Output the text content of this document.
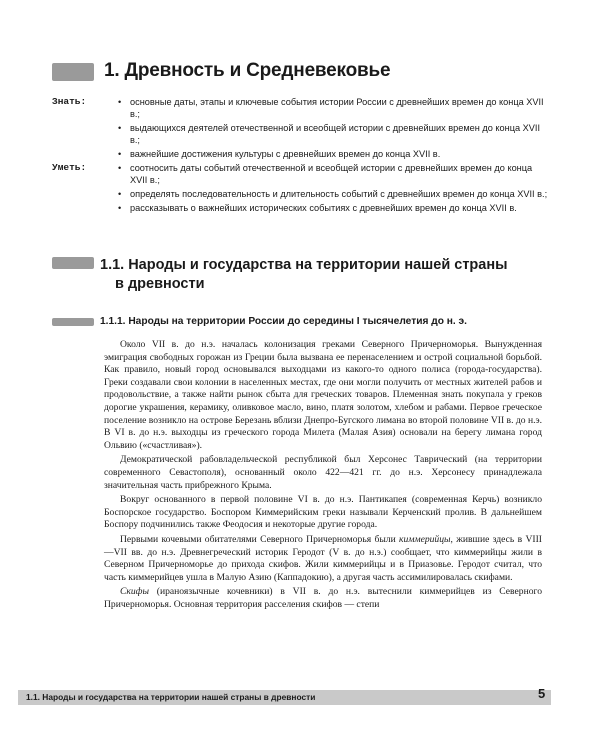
1. Древность и Средневековье
Знать:	• основные даты, этапы и ключевые события истории России с древнейших времен до конца XVII в.;
• выдающихся деятелей отечественной и всеобщей истории с древнейших времен до конца XVII в.;
• важнейшие достижения культуры с древнейших времен до конца XVII в.
Уметь:	• соотносить даты событий отечественной и всеобщей истории с древнейших времен до конца XVII в.;
• определять последовательность и длительность событий с древнейших времен до конца XVII в.;
• рассказывать о важнейших исторических событиях с древнейших времен до конца XVII в.
1.1. Народы и государства на территории нашей страны
в древности
1.1.1. Народы на территории России до середины I тысячелетия до н. э.

Около VII в. до н.э. началась колонизация греками Северного Причерноморья. Вынужденная эмиграция свободных горожан из Греции была вызвана ее перенаселением и острой социальной борьбой. Как правило, новый город основывался выходцами из какого-то одного полиса (города-государства). Греки создавали свои колонии в населенных местах, где они могли получить от местных жителей рабов и продовольствие, а также найти рынок сбыта для греческих товаров. Племенная знать покупала у греков дорогие украшения, керамику, оливковое масло, вино, платя золотом, хлебом и рабами. Первое греческое поселение возникло на острове Березань вблизи Днепро-Бугского лимана во второй половине VII в. до н.э. В VI в. до н.э. выходцы из греческого города Милета (Малая Азия) основали на берегу лимана город Ольвию («счастливая»).

Демократической рабовладельческой республикой был Херсонес Таврический (на территории современного Севастополя), основанный около 422—421 гг. до н.э. Херсонесу принадлежала значительная часть прибрежного Крыма.

Вокруг основанного в первой половине VI в. до н.э. Пантикапея (современная Керчь) возникло Боспорское государство. Боспором Киммерийским греки называли Керченский пролив. В дальнейшем Боспору подчинились также Феодосия и некоторые другие города.

Первыми кочевыми обитателями Северного Причерноморья были киммерийцы, жившие здесь в VIII—VII вв. до н.э. Древнегреческий историк Геродот (V в. до н.э.) сообщает, что киммерийцы жили в Северном Причерноморье до прихода скифов. Жили киммерийцы и в Приазовье. Геродот считал, что часть киммерийцев ушла в Малую Азию (Каппадокию), а другая часть ассимилировалась скифами.

Скифы (ираноязычные кочевники) в VII в. до н.э. вытеснили киммерийцев из Северного Причерноморья. Основная территория расселения скифов — степи

1.1. Народы и государства на территории нашей страны в древности	5
